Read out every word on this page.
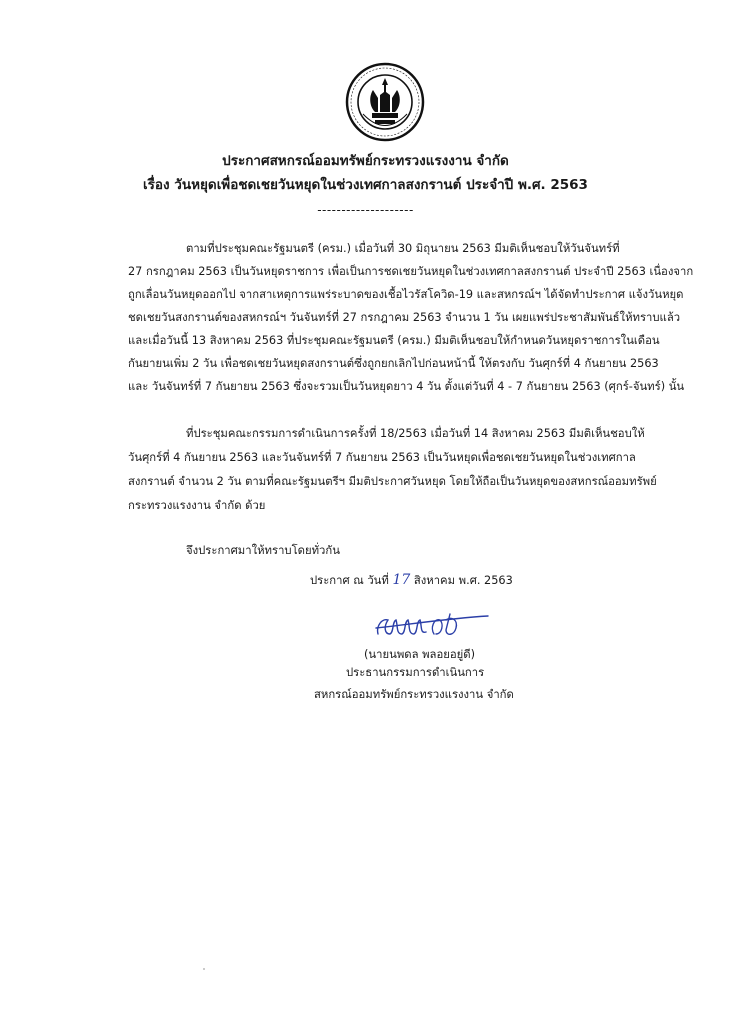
ประกาศสหกรณ์ออมทรัพย์กระทรวงแรงงาน จำกัด
เรื่อง วันหยุดเพื่อชดเชยวันหยุดในช่วงเทศกาลสงกรานต์ ประจำปี พ.ศ. 2563
--------------------
ตามที่ประชุมคณะรัฐมนตรี (ครม.) เมื่อวันที่ 30 มิถุนายน 2563 มีมติเห็นชอบให้วันจันทร์ที่
27 กรกฎาคม 2563 เป็นวันหยุดราชการ เพื่อเป็นการชดเชยวันหยุดในช่วงเทศกาลสงกรานต์ ประจำปี 2563 เนื่องจาก
ถูกเลื่อนวันหยุดออกไป จากสาเหตุการแพร่ระบาดของเชื้อไวรัสโควิด-19 และสหกรณ์ฯ ได้จัดทำประกาศ แจ้งวันหยุด
ชดเชยวันสงกรานต์ของสหกรณ์ฯ วันจันทร์ที่ 27 กรกฎาคม 2563 จำนวน 1 วัน เผยแพร่ประชาสัมพันธ์ให้ทราบแล้ว
และเมื่อวันนี้ 13 สิงหาคม 2563 ที่ประชุมคณะรัฐมนตรี (ครม.) มีมติเห็นชอบให้กำหนดวันหยุดราชการในเดือน
กันยายนเพิ่ม 2 วัน เพื่อชดเชยวันหยุดสงกรานต์ซึ่งถูกยกเลิกไปก่อนหน้านี้ ให้ตรงกับ วันศุกร์ที่ 4 กันยายน 2563
และ วันจันทร์ที่ 7 กันยายน 2563 ซึ่งจะรวมเป็นวันหยุดยาว 4 วัน ตั้งแต่วันที่ 4 - 7 กันยายน 2563 (ศุกร์-จันทร์) นั้น
ที่ประชุมคณะกรรมการดำเนินการครั้งที่ 18/2563 เมื่อวันที่ 14 สิงหาคม 2563 มีมติเห็นชอบให้
วันศุกร์ที่ 4 กันยายน 2563 และวันจันทร์ที่ 7 กันยายน 2563 เป็นวันหยุดเพื่อชดเชยวันหยุดในช่วงเทศกาล
สงกรานต์ จำนวน 2 วัน ตามที่คณะรัฐมนตรีฯ มีมติประกาศวันหยุด โดยให้ถือเป็นวันหยุดของสหกรณ์ออมทรัพย์
กระทรวงแรงงาน จำกัด ด้วย
จึงประกาศมาให้ทราบโดยทั่วกัน
ประกาศ ณ วันที่ 17 สิงหาคม พ.ศ. 2563
(นายนพดล พลอยอยู่ดี)
ประธานกรรมการดำเนินการ
สหกรณ์ออมทรัพย์กระทรวงแรงงาน จำกัด
